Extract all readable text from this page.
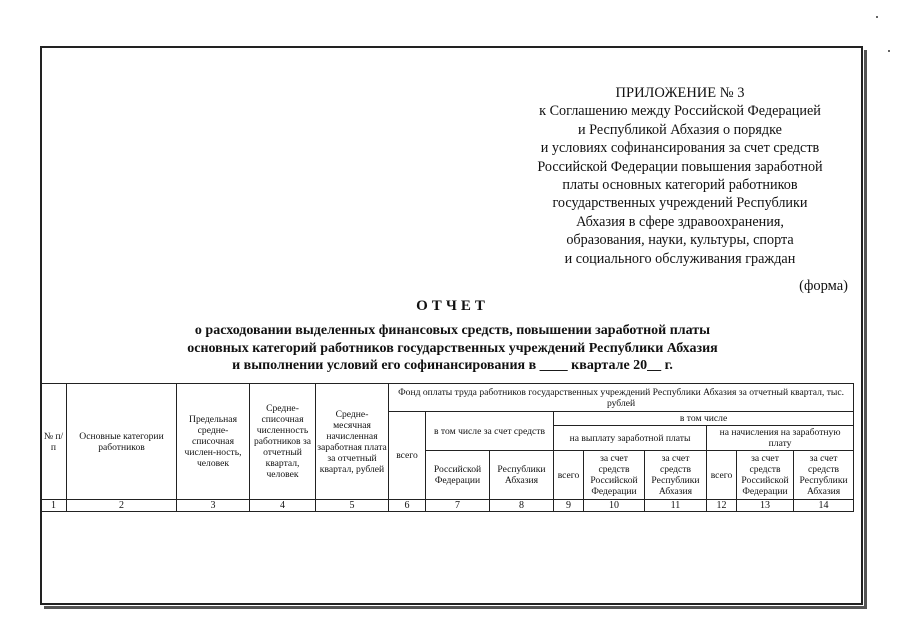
ПРИЛОЖЕНИЕ № 3
к Соглашению между Российской Федерацией
и Республикой Абхазия о порядке
и условиях софинансирования за счет средств
Российской Федерации повышения заработной
платы основных категорий работников
государственных учреждений Республики
Абхазия в сфере здравоохранения,
образования, науки, культуры, спорта
и социального обслуживания граждан
(форма)
ОТЧЕТ
о расходовании выделенных финансовых средств, повышении заработной платы
основных категорий работников государственных учреждений Республики Абхазия
и выполнении условий его софинансирования в ____ квартале 20__ г.
№ п/п	Основные категории работников	Предельная средне-списочная числен-ность, человек	Средне-списочная численность работников за отчетный квартал, человек	Средне-месячная начисленная заработная плата за отчетный квартал, рублей	Фонд оплаты труда работников государственных учреждений Республики Абхазия за отчетный квартал, тыс. рублей								
					всего	в том числе за счет средств		в том числе					
								на выплату заработной платы			на начисления на заработную плату		
						Российской Федерации	Республики Абхазия	всего	за счет средств Российской Федерации	за счет средств Республики Абхазия	всего	за счет средств Российской Федерации	за счет средств Республики Абхазия
1	2	3	4	5	6	7	8	9	10	11	12	13	14
